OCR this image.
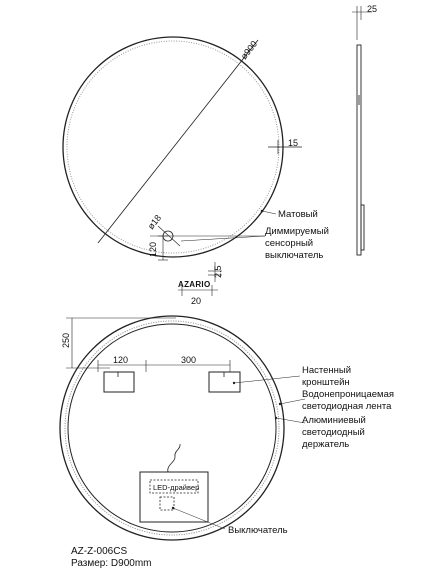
ø900
15
ø18
120
2.5
20
AZARIO
Матовый
Диммируемый
сенсорный
выключатель
25
250
120	300
LED-драйвер
Настенный
кронштейн
Водонепроницаемая
светодиодная лента
Алюминиевый
светодиодный
держатель
Выключатель
AZ-Z-006CS
Размер: D900mm
